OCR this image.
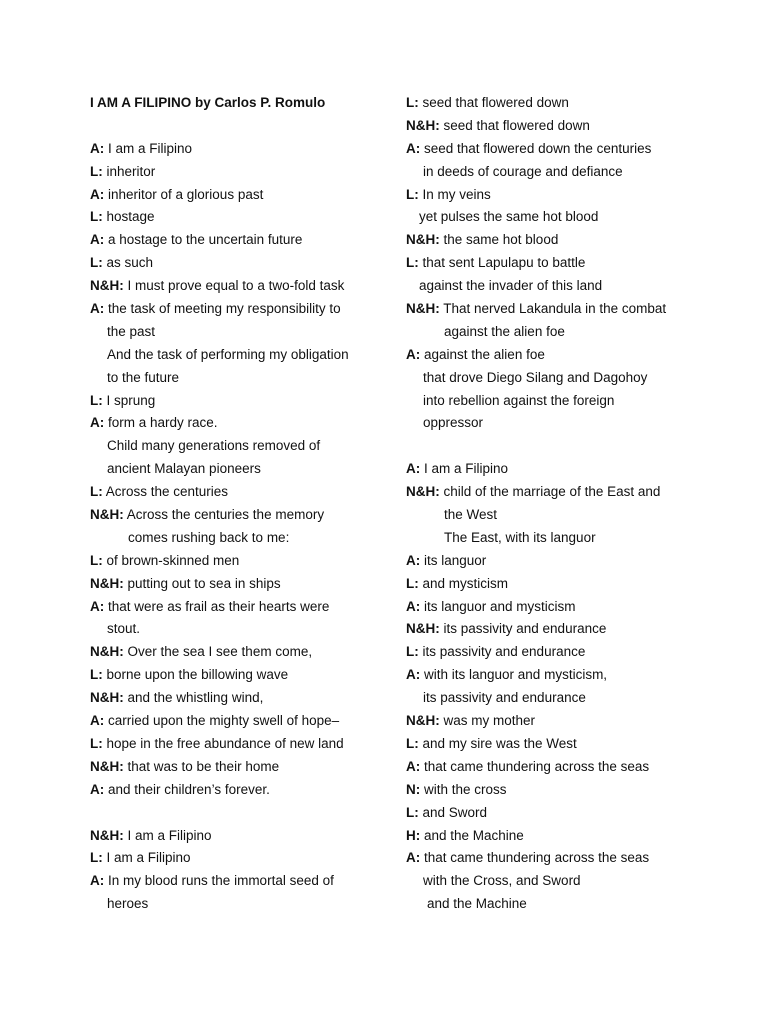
I AM A FILIPINO by Carlos P. Romulo
A: I am a Filipino
L: inheritor
A: inheritor of a glorious past
L: hostage
A: a hostage to the uncertain future
L: as such
N&H: I must prove equal to a two-fold task
A: the task of meeting my responsibility to
the past
And the task of performing my obligation
to the future
L: I sprung
A: form a hardy race.
Child many generations removed of
ancient Malayan pioneers
L: Across the centuries
N&H: Across the centuries the memory
comes rushing back to me:
L: of brown-skinned men
N&H: putting out to sea in ships
A: that were as frail as their hearts were
stout.
N&H: Over the sea I see them come,
L: borne upon the billowing wave
N&H: and the whistling wind,
A: carried upon the mighty swell of hope–
L: hope in the free abundance of new land
N&H: that was to be their home
A: and their children’s forever.
N&H: I am a Filipino
L: I am a Filipino
A: In my blood runs the immortal seed of
heroes
L: seed that flowered down
N&H: seed that flowered down
A: seed that flowered down the centuries
in deeds of courage and defiance
L: In my veins
yet pulses the same hot blood
N&H: the same hot blood
L: that sent Lapulapu to battle
against the invader of this land
N&H: That nerved Lakandula in the combat
against the alien foe
A: against the alien foe
that drove Diego Silang and Dagohoy
into rebellion against the foreign
oppressor
A: I am a Filipino
N&H: child of the marriage of the East and
the West
The East, with its languor
A: its languor
L: and mysticism
A: its languor and mysticism
N&H: its passivity and endurance
L: its passivity and endurance
A: with its languor and mysticism,
its passivity and endurance
N&H: was my mother
L: and my sire was the West
A: that came thundering across the seas
N: with the cross
L: and Sword
H: and the Machine
A: that came thundering across the seas
with the Cross, and Sword
and the Machine
